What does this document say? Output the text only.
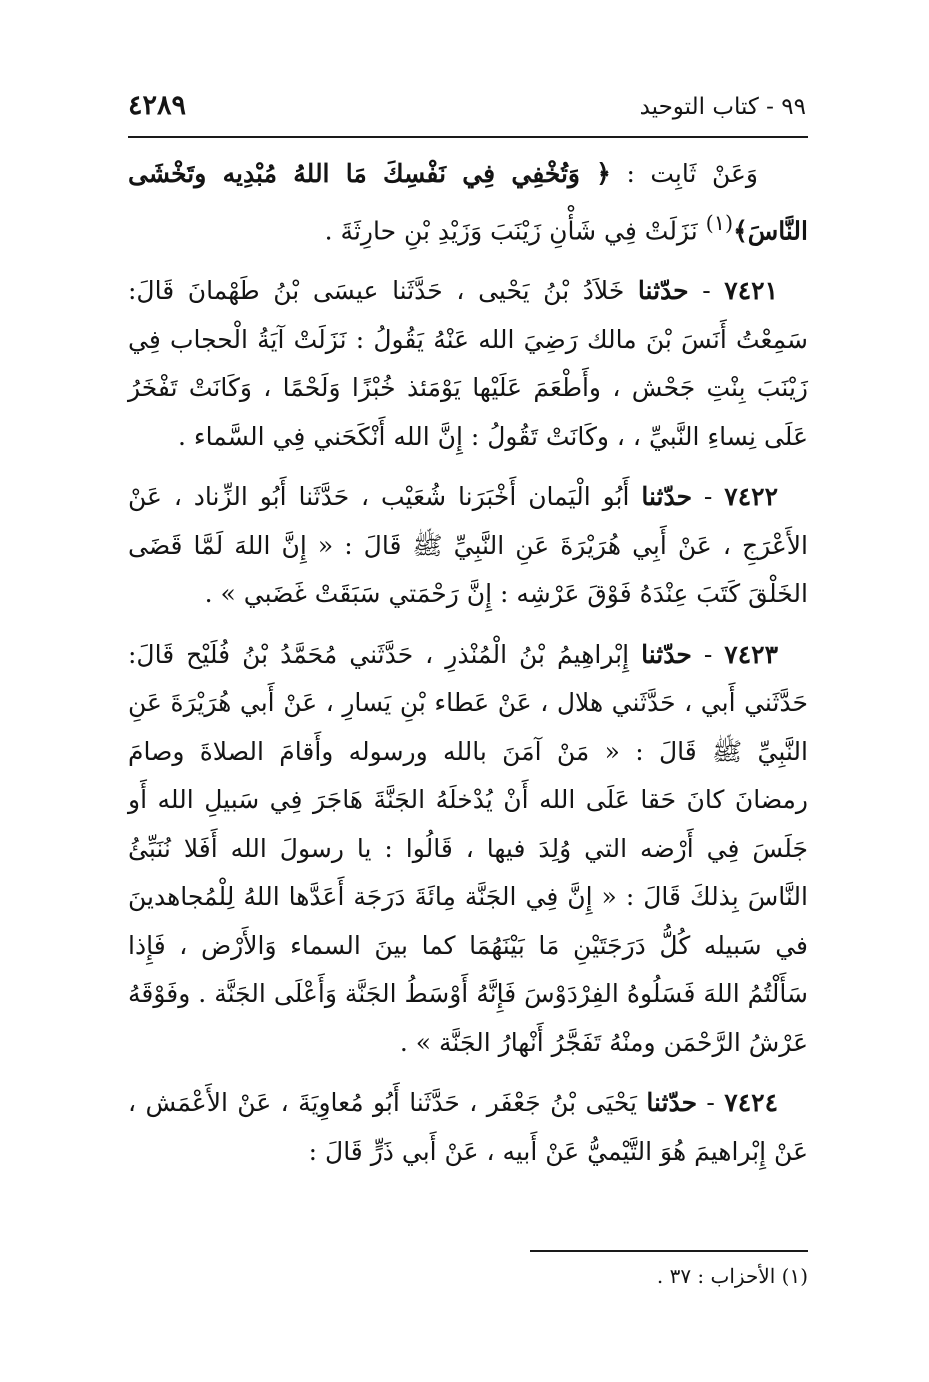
٩٩ - كتاب التوحيد
٤٢٨٩

وَعَنْ ثَابِت : ﴿ وَتُخْفِي فِي نَفْسِكَ مَا اللهُ مُبْدِيه وتَخْشَى النَّاسَ﴾$^{(١)}$ نَزَلَتْ فِي شَأْنِ زَيْنَبَ وَزَيْدِ بْنِ حارِثَةَ .

٧٤٢١ - حدّثنا خَلاَدُ بْنُ يَحْيى ، حَدَّثَنا عيسَى بْنُ طَهْمانَ قَالَ: سَمِعْتُ أَنَسَ بْنَ مالك رَضِيَ الله عَنْهُ يَقُولُ : نَزَلَتْ آيَةُ الْحجاب فِي زَيْنَبَ بِنْتِ جَحْش ، وأَطْعَمَ عَلَيْها يَوْمَئذ خُبْزًا وَلَحْمًا ، وَكَانَتْ تَفْخَرُ عَلَى نِساءِ النَّبيِّ ، ، وكَانَتْ تَقُولُ : إِنَّ الله أَنْكَحَني فِي السَّماء .

٧٤٢٢ - حدّثنا أَبُو الْيَمان أَخْبَرَنا شُعَيْب ، حَدَّثَنا أَبُو الزِّناد ، عَنْ الأَعْرَجِ ، عَنْ أَبِي هُرَيْرَةَ عَنِ النَّبِيِّ ﷺ قَالَ : « إِنَّ اللهَ لَمَّا قَضَى الخَلْقَ كَتَبَ عِنْدَهُ فَوْقَ عَرْشِه : إِنَّ رَحْمَتي سَبَقَتْ غَضَبي » .

٧٤٢٣ - حدّثنا إِبْراهِيمُ بْنُ الْمُنْذرِ ، حَدَّثَني مُحَمَّدُ بْنُ فُلَيْح قَالَ: حَدَّثَني أَبي ، حَدَّثَني هلال ، عَنْ عَطاء بْنِ يَسارِ ، عَنْ أَبي هُرَيْرَةَ عَنِ النَّبِيِّ ﷺ قَالَ : « مَنْ آمَنَ بالله ورسوله وأَقامَ الصلاةَ وصامَ رمضانَ كانَ حَقا عَلَى الله أَنْ يُدْخلَهُ الجَنَّةَ هَاجَرَ فِي سَبيلِ الله أَو جَلَسَ فِي أَرْضه التي وُلِدَ فيها ، قَالُوا : يا رسولَ الله أَفَلا نُنَبِّئُ النَّاسَ بِذلكَ قَالَ : « إِنَّ فِي الجَنَّة مِائَةَ دَرَجَة أَعَدَّها اللهُ لِلْمُجاهدينَ في سَبيله كُلُّ دَرَجَتَيْنِ مَا بَيْنَهُمَا كما بينَ السماء وَالأَرْض ، فَإِذا سَأَلْتُمُ اللهَ فَسَلُوهُ الفِرْدَوْسَ فَإِنَّهُ أَوْسَطُ الجَنَّة وَأَعْلَى الجَنَّة . وفَوْقَهُ عَرْشُ الرَّحْمَن ومنْهُ تَفَجَّرُ أَنْهارُ الجَنَّة » .

٧٤٢٤ - حدّثنا يَحْيَى بْنُ جَعْفَر ، حَدَّثَنا أَبُو مُعاوِيَةَ ، عَنْ الأَعْمَش ، عَنْ إِبْراهيمَ هُوَ التَّيْميُّ عَنْ أَبيه ، عَنْ أَبي ذَرٍّ قَالَ :

(١) الأحزاب : ٣٧ .
